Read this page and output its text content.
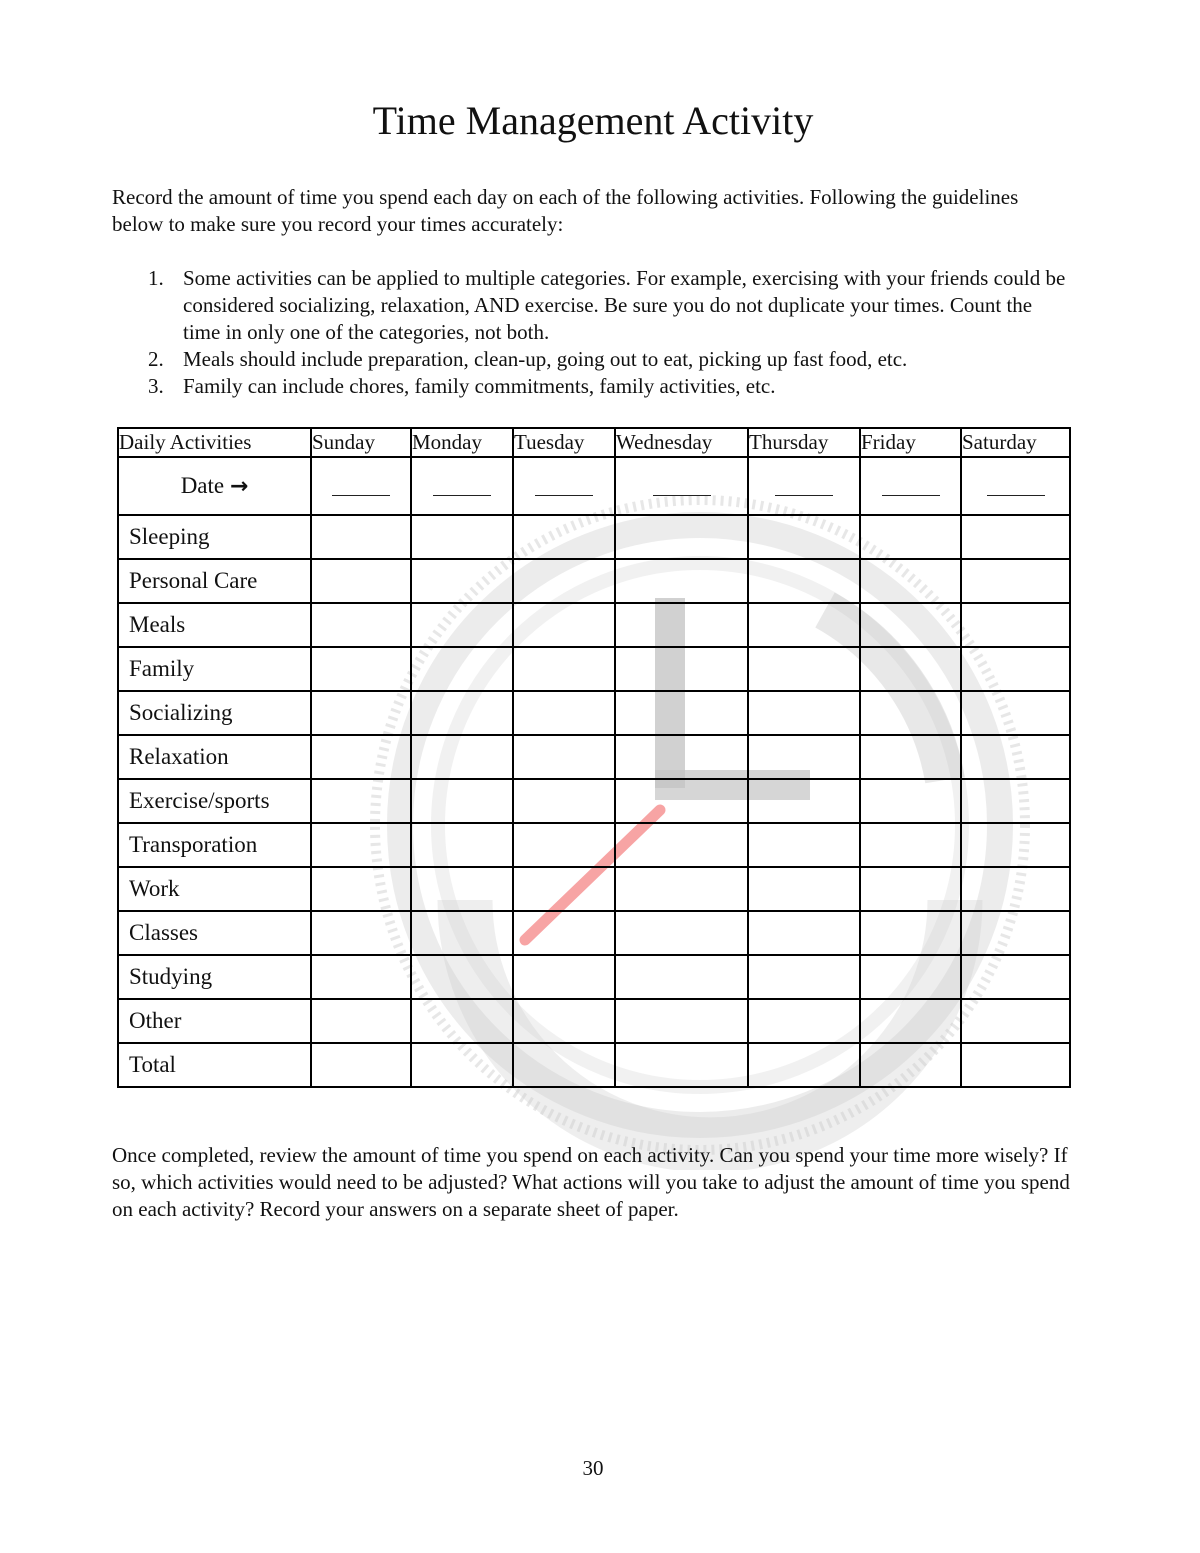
Time Management Activity
Record the amount of time you spend each day on each of the following activities. Following the guidelines below to make sure you record your times accurately:
1. Some activities can be applied to multiple categories. For example, exercising with your friends could be considered socializing, relaxation, AND exercise. Be sure you do not duplicate your times. Count the time in only one of the categories, not both.
2. Meals should include preparation, clean-up, going out to eat, picking up fast food, etc.
3. Family can include chores, family commitments, family activities, etc.
Daily Activities	Sunday	Monday	Tuesday	Wednesday	Thursday	Friday	Saturday
Date →							
Sleeping							
Personal Care							
Meals							
Family							
Socializing							
Relaxation							
Exercise/sports							
Transporation							
Work							
Classes							
Studying							
Other							
Total							
Once completed, review the amount of time you spend on each activity. Can you spend your time more wisely? If so, which activities would need to be adjusted? What actions will you take to adjust the amount of time you spend on each activity? Record your answers on a separate sheet of paper.
30
